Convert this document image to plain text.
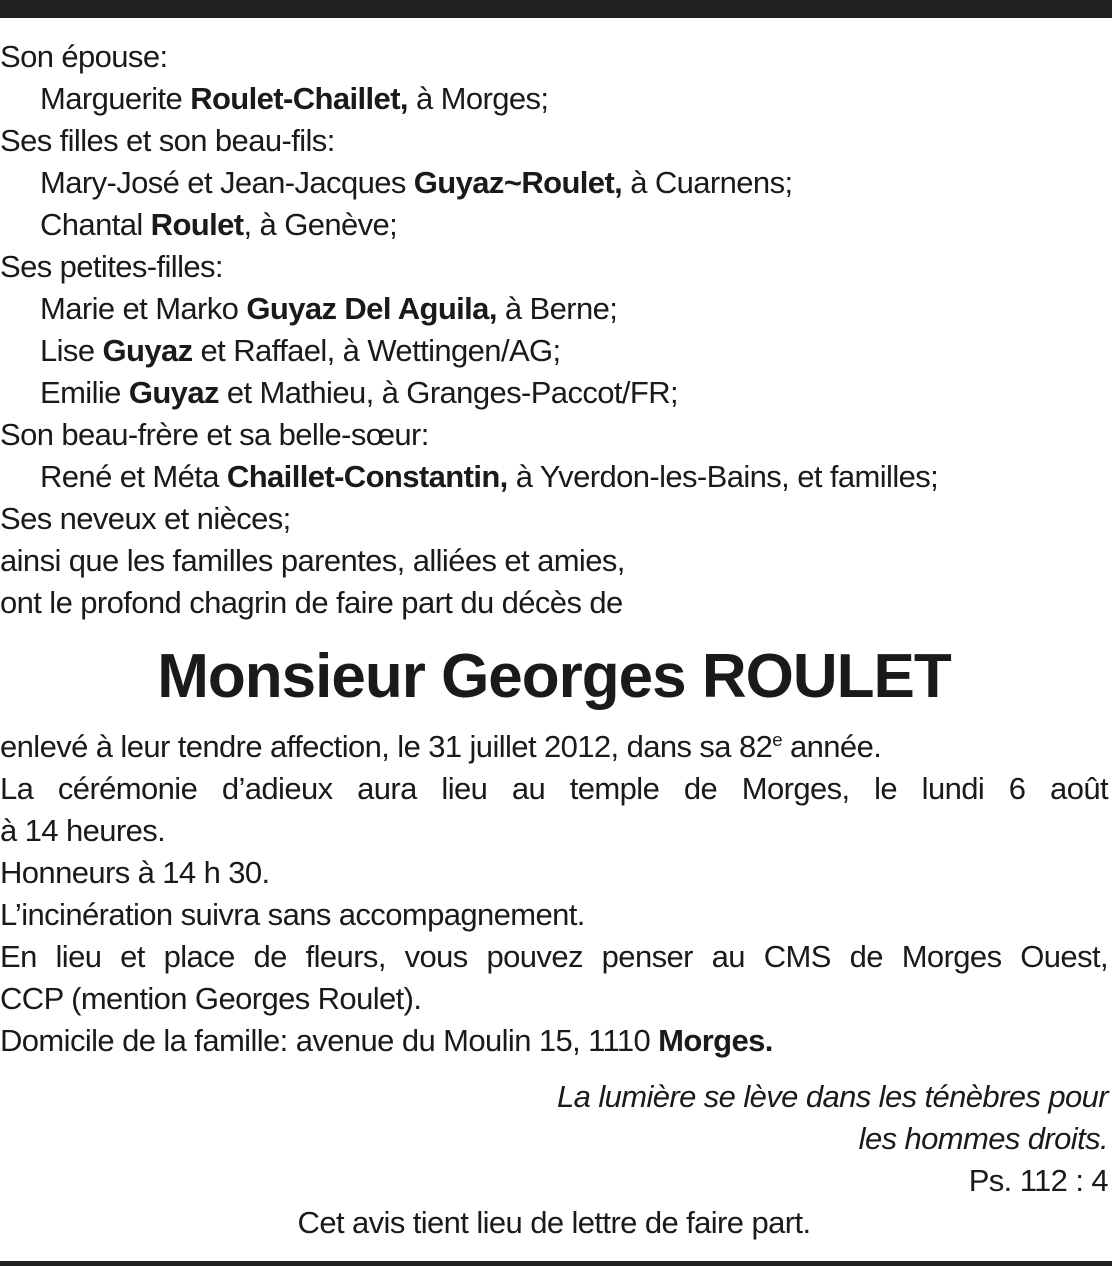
Son épouse:
Marguerite Roulet-Chaillet, à Morges;
Ses filles et son beau-fils:
Mary-José et Jean-Jacques Guyaz~Roulet, à Cuarnens;
Chantal Roulet, à Genève;
Ses petites-filles:
Marie et Marko Guyaz Del Aguila, à Berne;
Lise Guyaz et Raffael, à Wettingen/AG;
Emilie Guyaz et Mathieu, à Granges-Paccot/FR;
Son beau-frère et sa belle-sœur:
René et Méta Chaillet-Constantin, à Yverdon-les-Bains, et familles;
Ses neveux et nièces;
ainsi que les familles parentes, alliées et amies,
ont le profond chagrin de faire part du décès de
Monsieur Georges ROULET
enlevé à leur tendre affection, le 31 juillet 2012, dans sa 82e année.
La cérémonie d’adieux aura lieu au temple de Morges, le lundi 6 août
à 14 heures.
Honneurs à 14 h 30.
L’incinération suivra sans accompagnement.
En lieu et place de fleurs, vous pouvez penser au CMS de Morges Ouest,
CCP (mention Georges Roulet).
Domicile de la famille: avenue du Moulin 15, 1110 Morges.
La lumière se lève dans les ténèbres pour
les hommes droits.
Ps. 112 : 4
Cet avis tient lieu de lettre de faire part.
